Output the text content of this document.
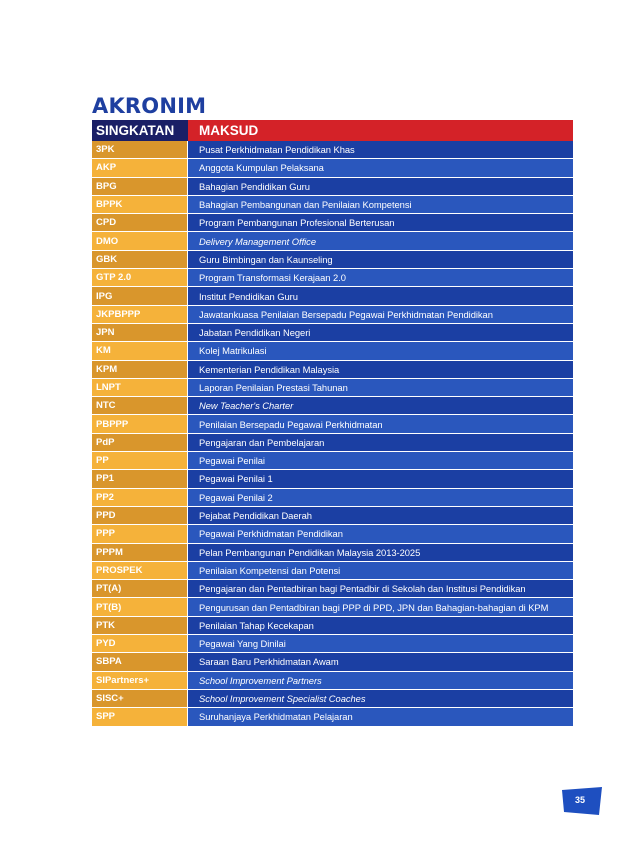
AKRONIM
SINGKATAN	MAKSUD
3PK	Pusat Perkhidmatan Pendidikan Khas
AKP	Anggota Kumpulan Pelaksana
BPG	Bahagian Pendidikan Guru
BPPK	Bahagian Pembangunan dan Penilaian Kompetensi
CPD	Program Pembangunan Profesional Berterusan
DMO	Delivery Management Office
GBK	Guru Bimbingan dan Kaunseling
GTP 2.0	Program Transformasi Kerajaan 2.0
IPG	Institut Pendidikan Guru
JKPBPPP	Jawatankuasa Penilaian Bersepadu Pegawai Perkhidmatan Pendidikan
JPN	Jabatan Pendidikan Negeri
KM	Kolej Matrikulasi
KPM	Kementerian Pendidikan Malaysia
LNPT	Laporan Penilaian Prestasi Tahunan
NTC	New Teacher's Charter
PBPPP	Penilaian Bersepadu Pegawai Perkhidmatan
PdP	Pengajaran dan Pembelajaran
PP	Pegawai Penilai
PP1	Pegawai Penilai 1
PP2	Pegawai Penilai 2
PPD	Pejabat Pendidikan Daerah
PPP	Pegawai Perkhidmatan Pendidikan
PPPM	Pelan Pembangunan Pendidikan Malaysia 2013-2025
PROSPEK	Penilaian Kompetensi dan Potensi
PT(A)	Pengajaran dan Pentadbiran bagi Pentadbir di Sekolah dan Institusi Pendidikan
PT(B)	Pengurusan dan Pentadbiran bagi PPP di PPD, JPN dan Bahagian-bahagian di KPM
PTK	Penilaian Tahap Kecekapan
PYD	Pegawai Yang Dinilai
SBPA	Saraan Baru Perkhidmatan Awam
SIPartners+	School Improvement Partners
SISC+	School Improvement Specialist Coaches
SPP	Suruhanjaya Perkhidmatan Pelajaran
35
